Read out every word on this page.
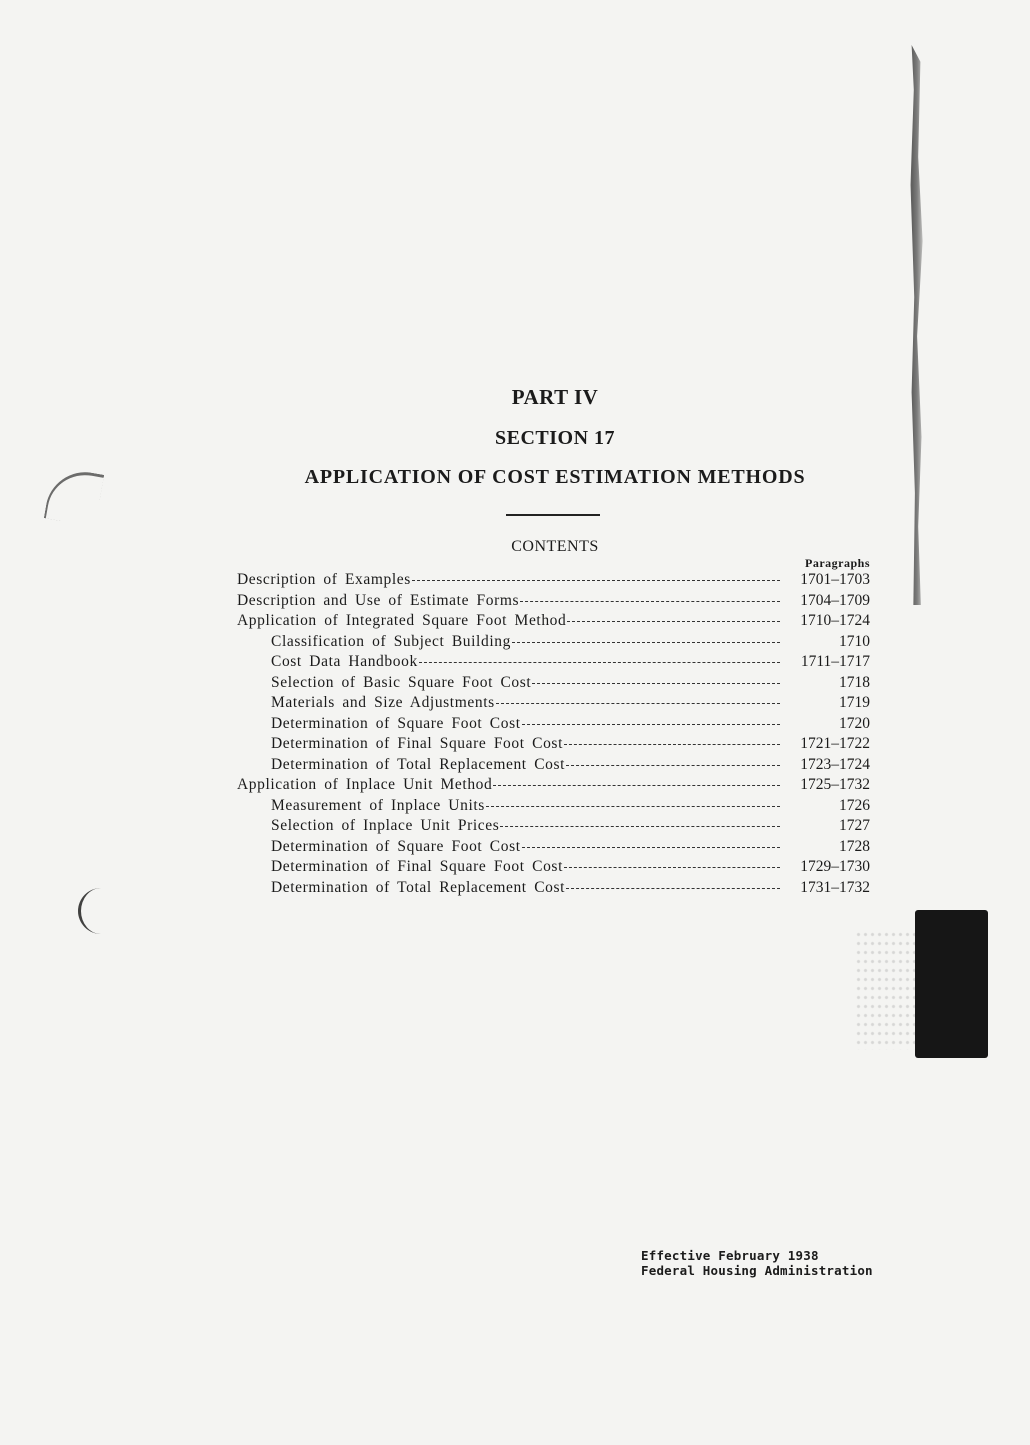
PART IV
SECTION 17
APPLICATION OF COST ESTIMATION METHODS
CONTENTS
Paragraphs
Description of Examples	1701–1703
Description and Use of Estimate Forms	1704–1709
Application of Integrated Square Foot Method	1710–1724
Classification of Subject Building	1710
Cost Data Handbook	1711–1717
Selection of Basic Square Foot Cost	1718
Materials and Size Adjustments	1719
Determination of Square Foot Cost	1720
Determination of Final Square Foot Cost	1721–1722
Determination of Total Replacement Cost	1723–1724
Application of Inplace Unit Method	1725–1732
Measurement of Inplace Units	1726
Selection of Inplace Unit Prices	1727
Determination of Square Foot Cost	1728
Determination of Final Square Foot Cost	1729–1730
Determination of Total Replacement Cost	1731–1732
Effective February 1938
Federal Housing Administration
